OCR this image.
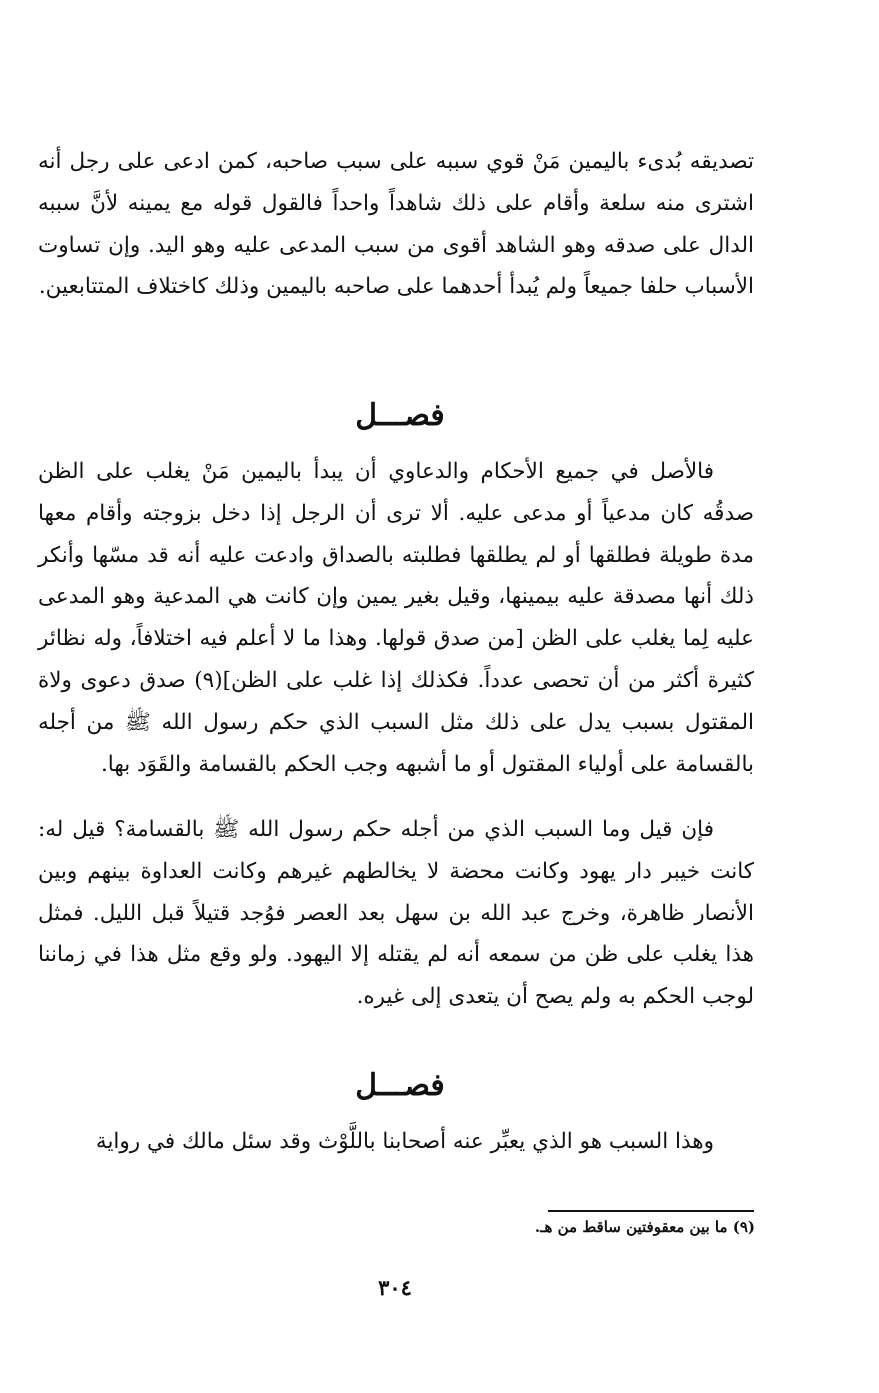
تصديقه بُدىء باليمين مَنْ قوي سببه على سبب صاحبه، كمن ادعى على رجل أنه اشترى منه سلعة وأقام على ذلك شاهداً واحداً فالقول قوله مع يمينه لأنَّ سببه الدال على صدقه وهو الشاهد أقوى من سبب المدعى عليه وهو اليد. وإن تساوت الأسباب حلفا جميعاً ولم يُبدأ أحدهما على صاحبه باليمين وذلك كاختلاف المتتابعين.

فصـــل

فالأصل في جميع الأحكام والدعاوي أن يبدأ باليمين مَنْ يغلب على الظن صدقُه كان مدعياً أو مدعى عليه. ألا ترى أن الرجل إذا دخل بزوجته وأقام معها مدة طويلة فطلقها أو لم يطلقها فطلبته بالصداق وادعت عليه أنه قد مسّها وأنكر ذلك أنها مصدقة عليه بيمينها، وقيل بغير يمين وإن كانت هي المدعية وهو المدعى عليه لِما يغلب على الظن [من صدق قولها. وهذا ما لا أعلم فيه اختلافاً، وله نظائر كثيرة أكثر من أن تحصى عدداً. فكذلك إذا غلب على الظن](٩) صدق دعوى ولاة المقتول بسبب يدل على ذلك مثل السبب الذي حكم رسول الله ﷺ من أجله بالقسامة على أولياء المقتول أو ما أشبهه وجب الحكم بالقسامة والقَوَد بها.

فإن قيل وما السبب الذي من أجله حكم رسول الله ﷺ بالقسامة؟ قيل له: كانت خيبر دار يهود وكانت محضة لا يخالطهم غيرهم وكانت العداوة بينهم وبين الأنصار ظاهرة، وخرج عبد الله بن سهل بعد العصر فوُجد قتيلاً قبل الليل. فمثل هذا يغلب على ظن من سمعه أنه لم يقتله إلا اليهود. ولو وقع مثل هذا في زماننا لوجب الحكم به ولم يصح أن يتعدى إلى غيره.

فصـــل

وهذا السبب هو الذي يعبِّر عنه أصحابنا باللَّوْث وقد سئل مالك في رواية

(٩) ما بين معقوفتين ساقط من هـ.
٣٠٤
